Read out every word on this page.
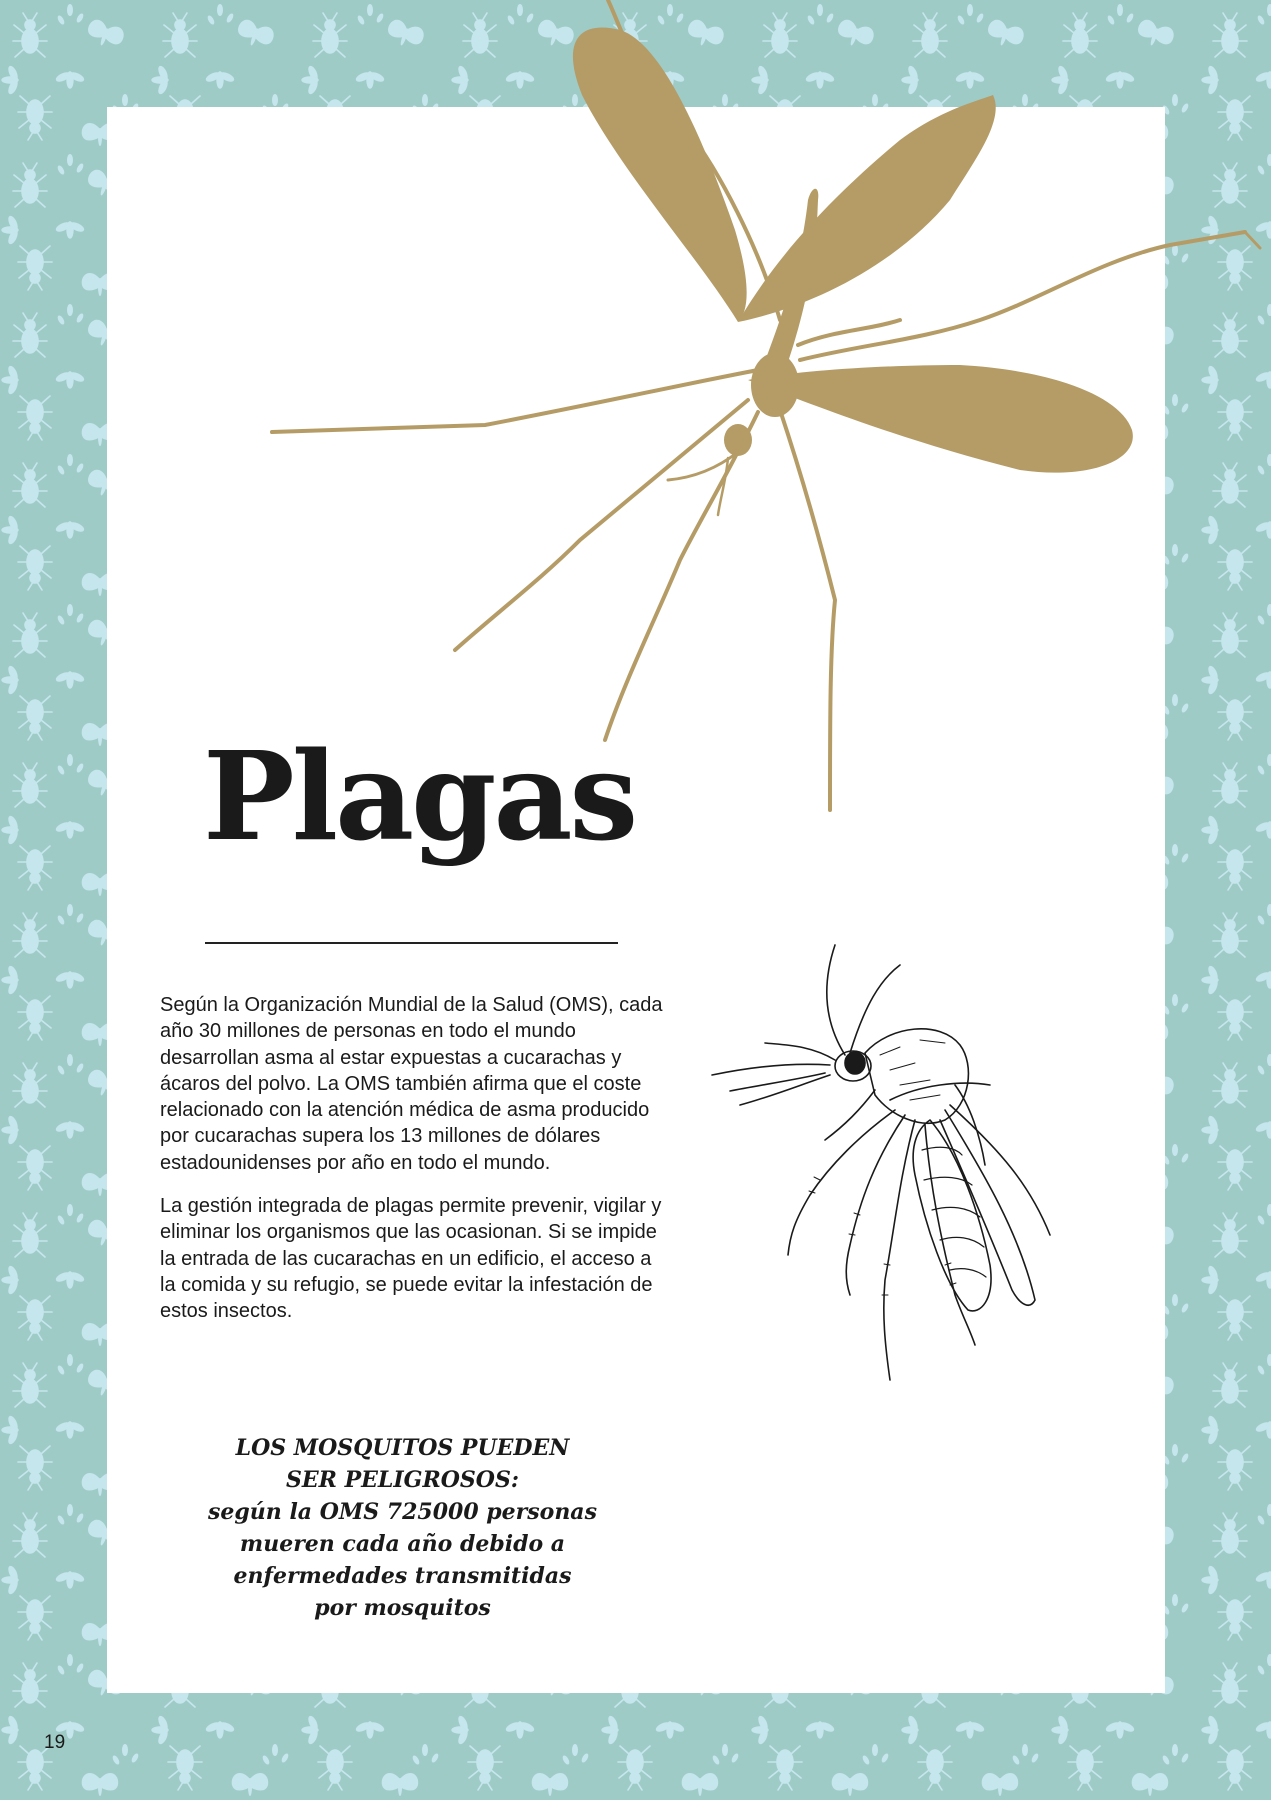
Plagas

Según la Organización Mundial de la Salud (OMS), cada año 30 millones de personas en todo el mundo desarrollan asma al estar expuestas a cucarachas y ácaros del polvo. La OMS también afirma que el coste relacionado con la atención médica de asma producido por cucarachas supera los 13 millones de dólares estadounidenses por año en todo el mundo.

La gestión integrada de plagas permite prevenir, vigilar y eliminar los organismos que las ocasionan. Si se impide la entrada de las cucarachas en un edificio, el acceso a la comida y su refugio, se puede evitar la infestación de estos insectos.

LOS MOSQUITOS PUEDEN
SER PELIGROSOS:
según la OMS 725000 personas
mueren cada año debido a
enfermedades transmitidas
por mosquitos
19
